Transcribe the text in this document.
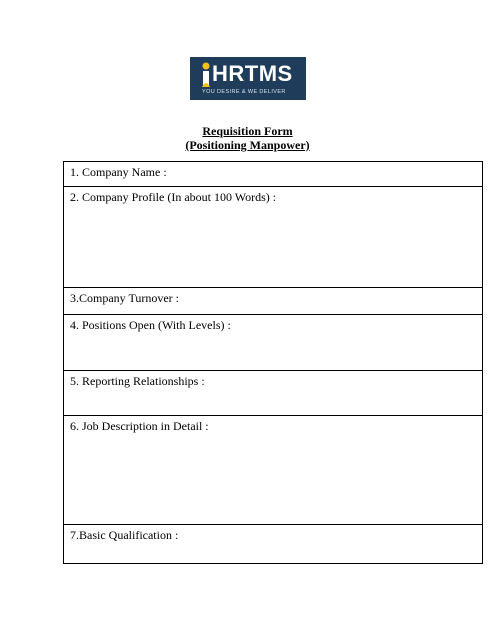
HRTMS
YOU DESIRE & WE DELIVER
Requisition Form
(Positioning Manpower)
1. Company Name :
2. Company Profile (In about 100 Words) :
3.Company Turnover :
4. Positions Open (With Levels) :
5. Reporting Relationships :
6. Job Description in Detail :
7.Basic Qualification :
